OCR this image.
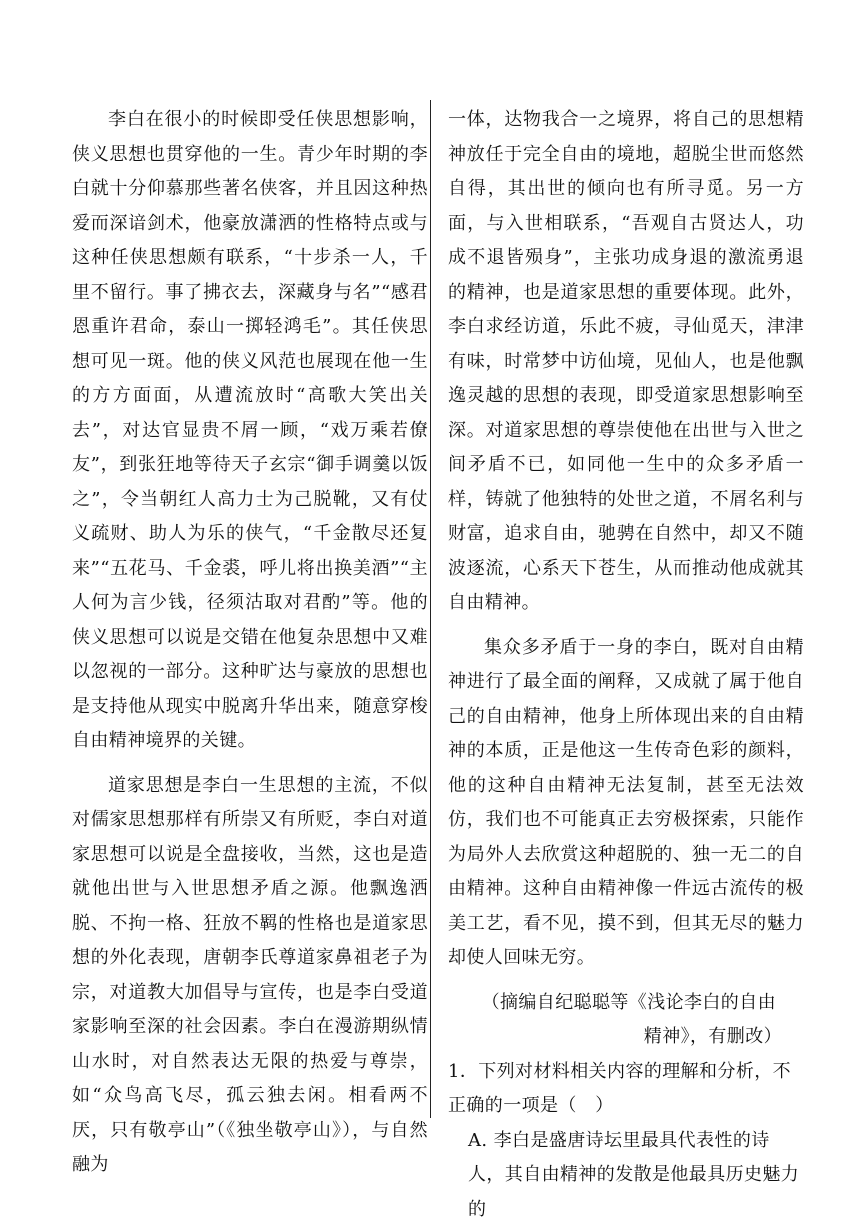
李白在很小的时候即受任侠思想影响，侠义思想也贯穿他的一生。青少年时期的李白就十分仰慕那些著名侠客，并且因这种热爱而深谙剑术，他豪放潇洒的性格特点或与这种任侠思想颇有联系，“十步杀一人，千里不留行。事了拂衣去，深藏身与名”“感君恩重许君命，泰山一掷轻鸿毛”。其任侠思想可见一斑。他的侠义风范也展现在他一生的方方面面，从遭流放时“高歌大笑出关去”，对达官显贵不屑一顾，“戏万乘若僚友”，到张狂地等待天子玄宗“御手调羹以饭之”，令当朝红人高力士为己脱靴，又有仗义疏财、助人为乐的侠气，“千金散尽还复来”“五花马、千金裘，呼儿将出换美酒”“主人何为言少钱，径须沽取对君酌”等。他的侠义思想可以说是交错在他复杂思想中又难以忽视的一部分。这种旷达与豪放的思想也是支持他从现实中脱离升华出来，随意穿梭自由精神境界的关键。

道家思想是李白一生思想的主流，不似对儒家思想那样有所崇又有所贬，李白对道家思想可以说是全盘接收，当然，这也是造就他出世与入世思想矛盾之源。他飘逸洒脱、不拘一格、狂放不羁的性格也是道家思想的外化表现，唐朝李氏尊道家鼻祖老子为宗，对道教大加倡导与宣传，也是李白受道家影响至深的社会因素。李白在漫游期纵情山水时，对自然表达无限的热爱与尊崇，如“众鸟高飞尽，孤云独去闲。相看两不厌，只有敬亭山”（《独坐敬亭山》），与自然融为

一体，达物我合一之境界，将自己的思想精神放任于完全自由的境地，超脱尘世而悠然自得，其出世的倾向也有所寻觅。另一方面，与入世相联系，“吾观自古贤达人，功成不退皆殒身”，主张功成身退的激流勇退的精神，也是道家思想的重要体现。此外，李白求经访道，乐此不疲，寻仙觅天，津津有味，时常梦中访仙境，见仙人，也是他飘逸灵越的思想的表现，即受道家思想影响至深。对道家思想的尊崇使他在出世与入世之间矛盾不已，如同他一生中的众多矛盾一样，铸就了他独特的处世之道，不屑名利与财富，追求自由，驰骋在自然中，却又不随波逐流，心系天下苍生，从而推动他成就其自由精神。

集众多矛盾于一身的李白，既对自由精神进行了最全面的阐释，又成就了属于他自己的自由精神，他身上所体现出来的自由精神的本质，正是他这一生传奇色彩的颜料，他的这种自由精神无法复制，甚至无法效仿，我们也不可能真正去穷极探索，只能作为局外人去欣赏这种超脱的、独一无二的自由精神。这种自由精神像一件远古流传的极美工艺，看不见，摸不到，但其无尽的魅力却使人回味无穷。

（摘编自纪聪聪等《浅论李白的自由
精神》，有删改）

1．下列对材料相关内容的理解和分析，不正确的一项是（　）

A. 李白是盛唐诗坛里最具代表性的诗人，其自由精神的发散是他最具历史魅力的
